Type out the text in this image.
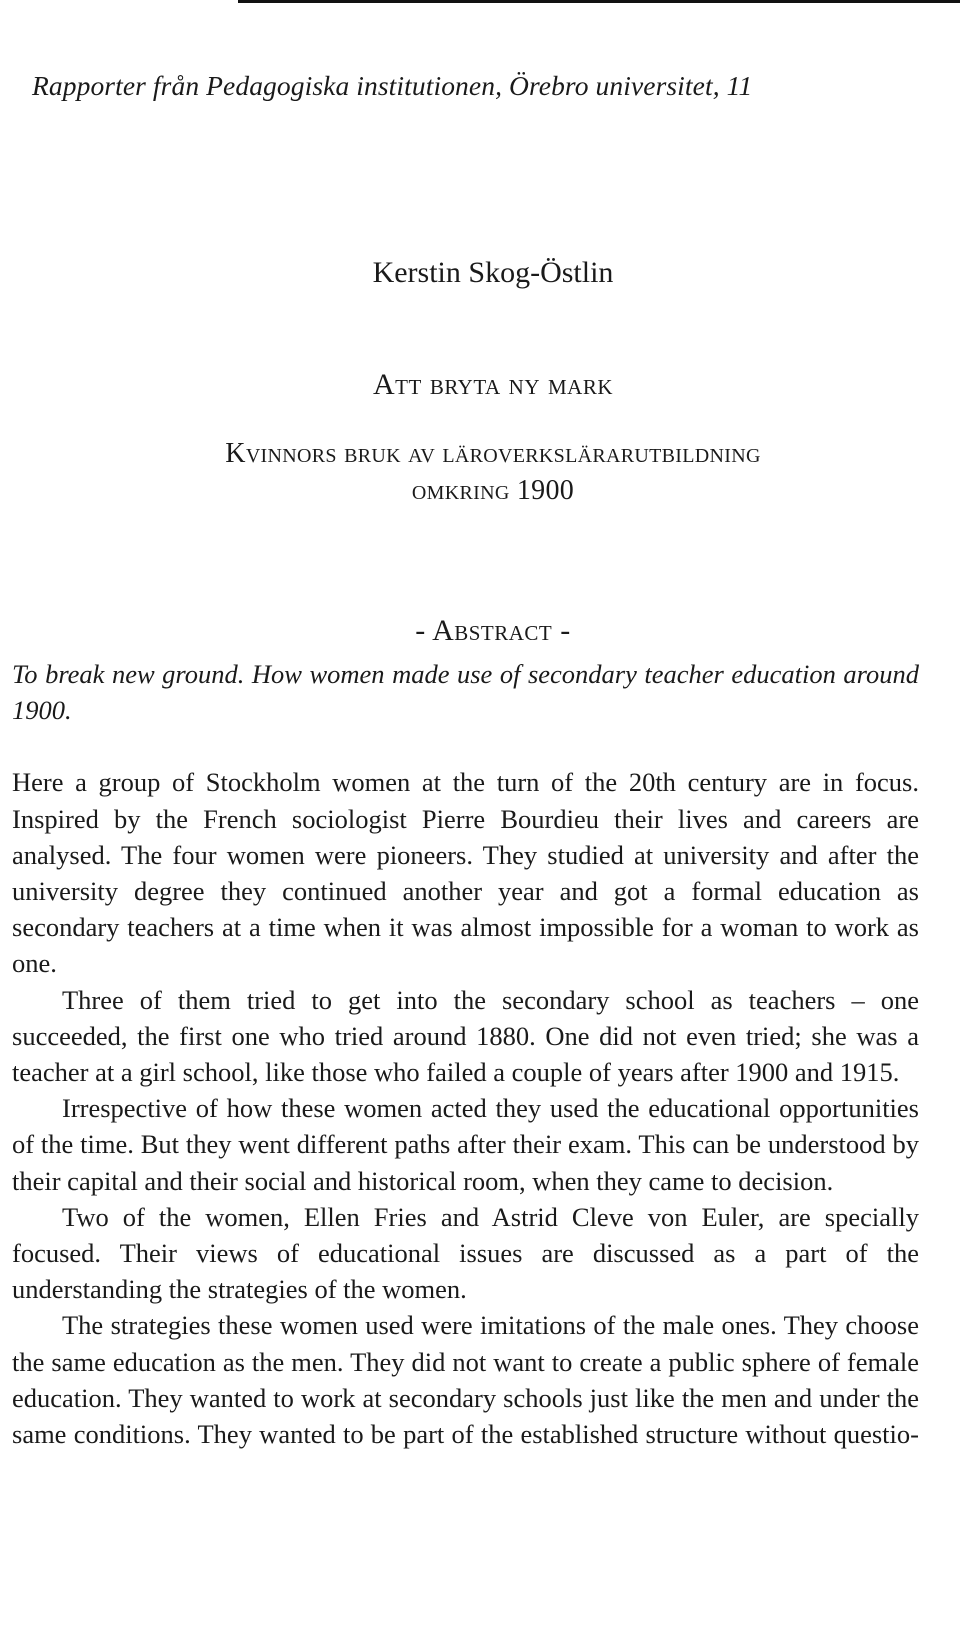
Rapporter från Pedagogiska institutionen, Örebro universitet, 11
Kerstin Skog-Östlin
Att bryta ny mark
Kvinnors bruk av läroverkslärarutbildning
omkring 1900
- Abstract -

To break new ground. How women made use of secondary teacher education around 1900.

Here a group of Stockholm women at the turn of the 20th century are in focus. Inspired by the French sociologist Pierre Bourdieu their lives and careers are analysed. The four women were pioneers. They studied at university and after the university degree they continued another year and got a formal education as secondary teachers at a time when it was almost impossible for a woman to work as one.

Three of them tried to get into the secondary school as teachers – one succeeded, the first one who tried around 1880. One did not even tried; she was a teacher at a girl school, like those who failed a couple of years after 1900 and 1915.

Irrespective of how these women acted they used the educational opportunities of the time. But they went different paths after their exam. This can be understood by their capital and their social and historical room, when they came to decision.

Two of the women, Ellen Fries and Astrid Cleve von Euler, are specially focused. Their views of educational issues are discussed as a part of the understanding the strategies of the women.

The strategies these women used were imitations of the male ones. They choose the same education as the men. They did not want to create a public sphere of female education. They wanted to work at secondary schools just like the men and under the same conditions. They wanted to be part of the established structure without questio-
